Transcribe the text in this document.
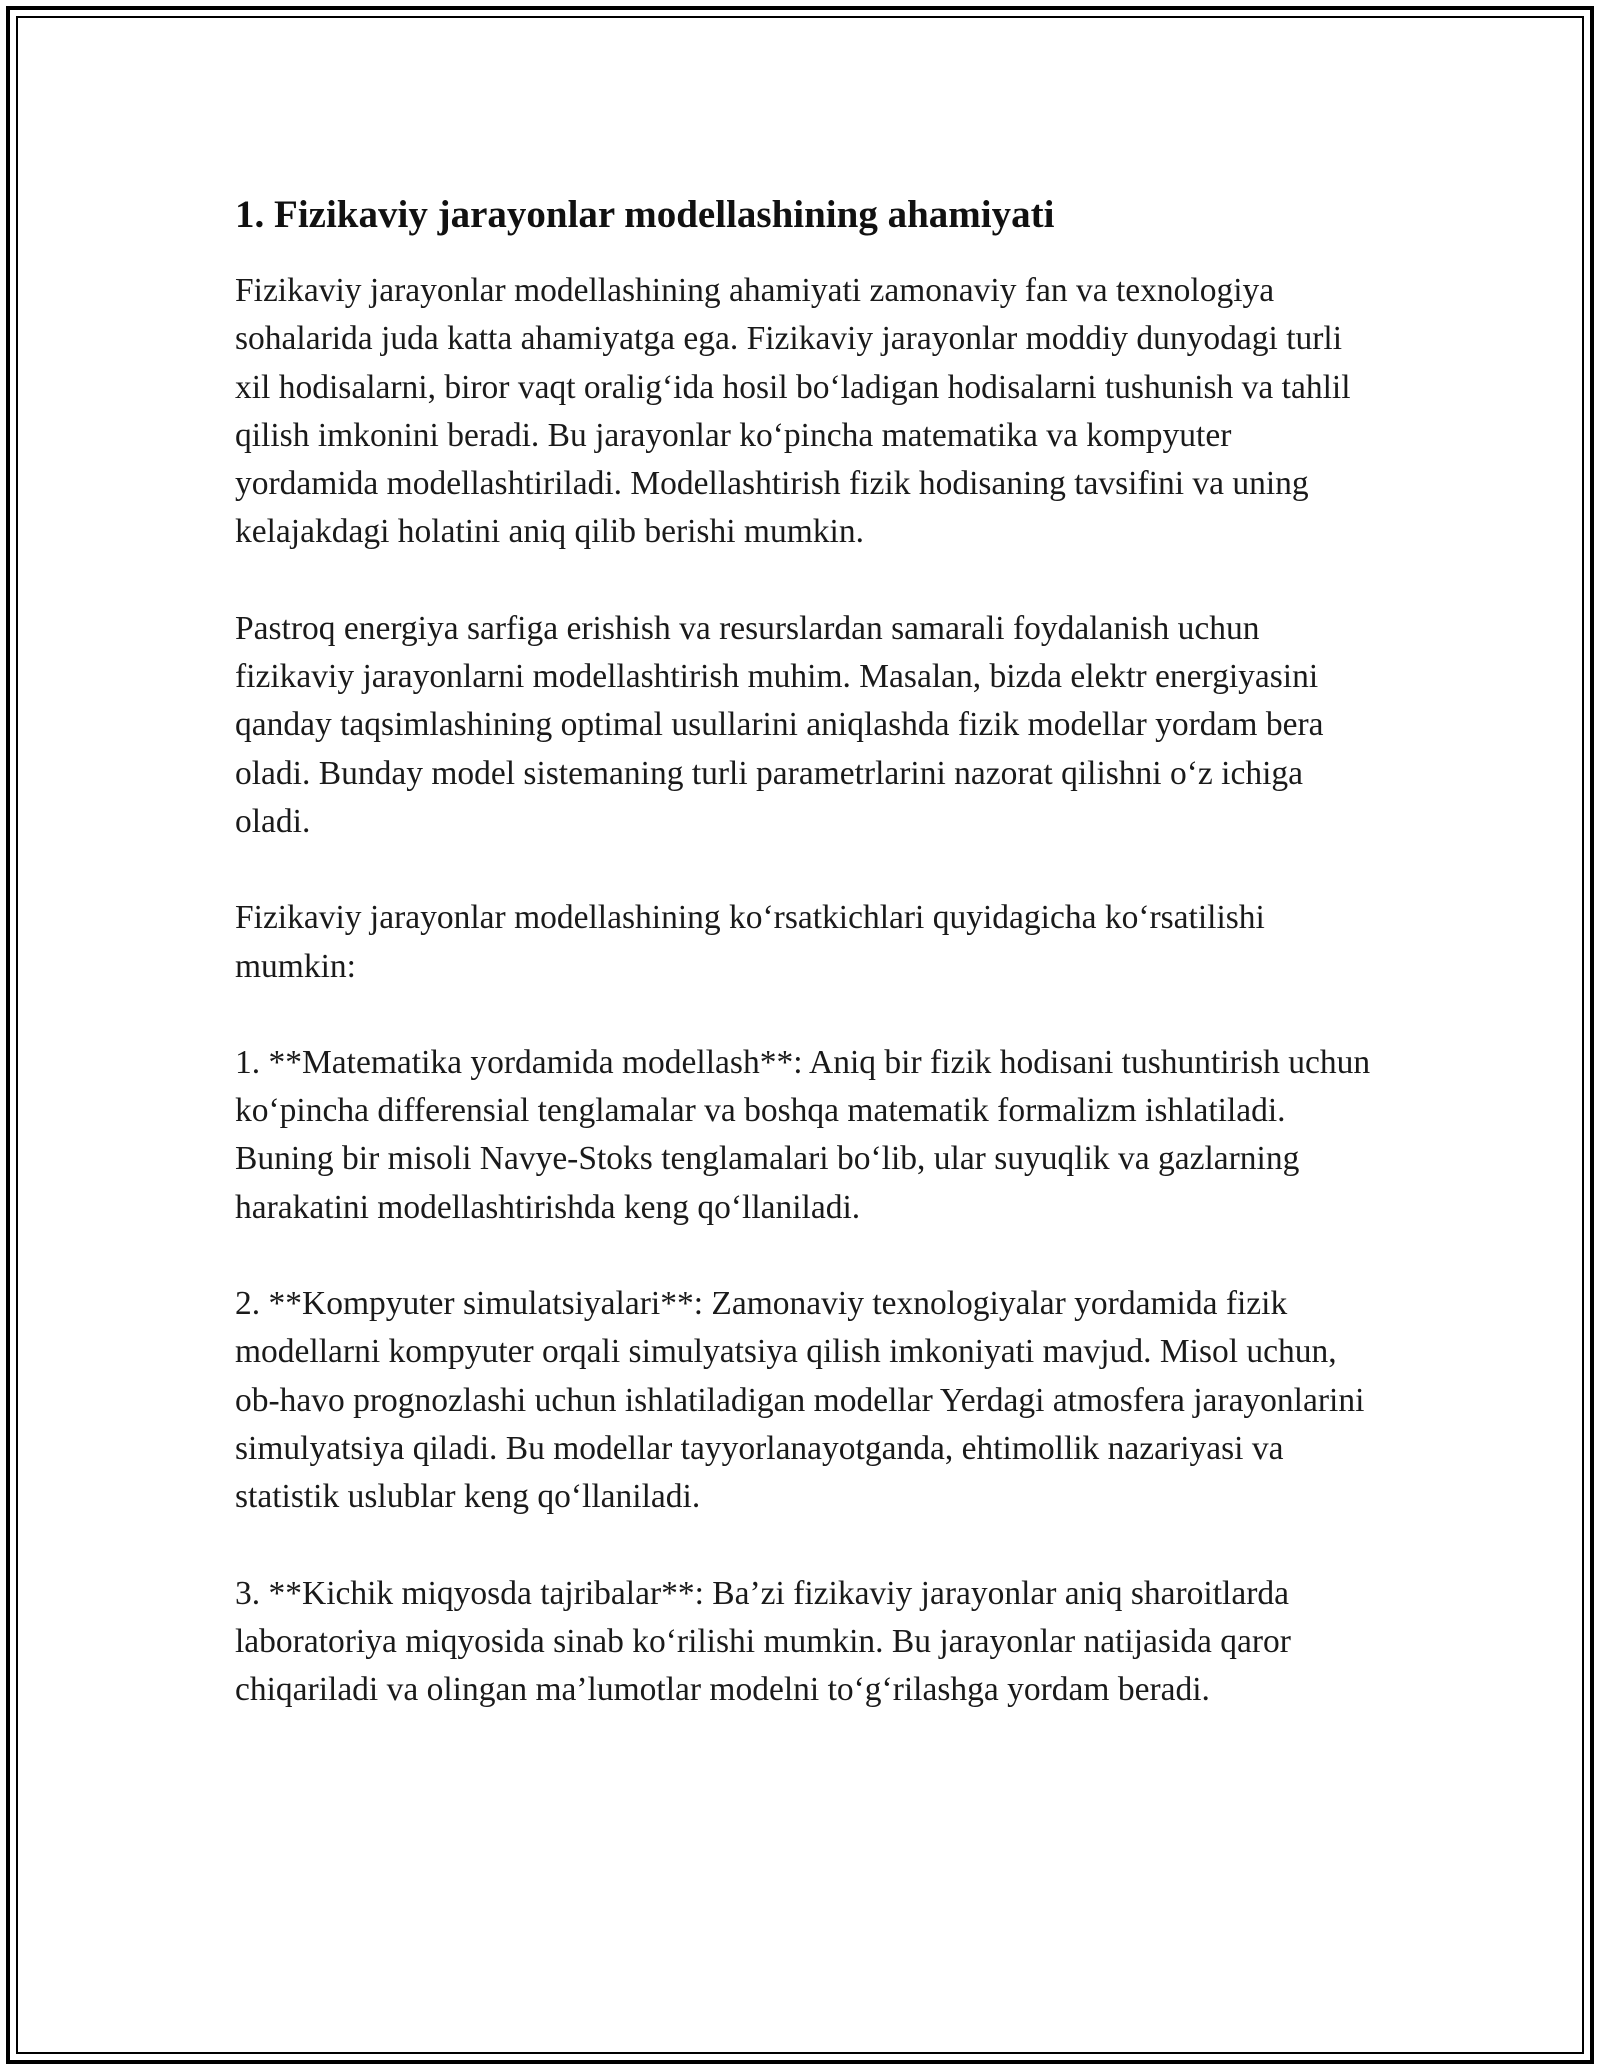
1. Fizikaviy jarayonlar modellashining ahamiyati

Fizikaviy jarayonlar modellashining ahamiyati zamonaviy fan va texnologiya sohalarida juda katta ahamiyatga ega. Fizikaviy jarayonlar moddiy dunyodagi turli xil hodisalarni, biror vaqt oralig‘ida hosil bo‘ladigan hodisalarni tushunish va tahlil qilish imkonini beradi. Bu jarayonlar ko‘pincha matematika va kompyuter yordamida modellashtiriladi. Modellashtirish fizik hodisaning tavsifini va uning kelajakdagi holatini aniq qilib berishi mumkin.

Pastroq energiya sarfiga erishish va resurslardan samarali foydalanish uchun fizikaviy jarayonlarni modellashtirish muhim. Masalan, bizda elektr energiyasini qanday taqsimlashining optimal usullarini aniqlashda fizik modellar yordam bera oladi. Bunday model sistemaning turli parametrlarini nazorat qilishni o‘z ichiga oladi.

Fizikaviy jarayonlar modellashining ko‘rsatkichlari quyidagicha ko‘rsatilishi mumkin:

1. **Matematika yordamida modellash**: Aniq bir fizik hodisani tushuntirish uchun ko‘pincha differensial tenglamalar va boshqa matematik formalizm ishlatiladi. Buning bir misoli Navye-Stoks tenglamalari bo‘lib, ular suyuqlik va gazlarning harakatini modellashtirishda keng qo‘llaniladi.

2. **Kompyuter simulatsiyalari**: Zamonaviy texnologiyalar yordamida fizik modellarni kompyuter orqali simulyatsiya qilish imkoniyati mavjud. Misol uchun, ob-havo prognozlashi uchun ishlatiladigan modellar Yerdagi atmosfera jarayonlarini simulyatsiya qiladi. Bu modellar tayyorlanayotganda, ehtimollik nazariyasi va statistik uslublar keng qo‘llaniladi.

3. **Kichik miqyosda tajribalar**: Ba’zi fizikaviy jarayonlar aniq sharoitlarda laboratoriya miqyosida sinab ko‘rilishi mumkin. Bu jarayonlar natijasida qaror chiqariladi va olingan ma’lumotlar modelni to‘g‘rilashga yordam beradi.
